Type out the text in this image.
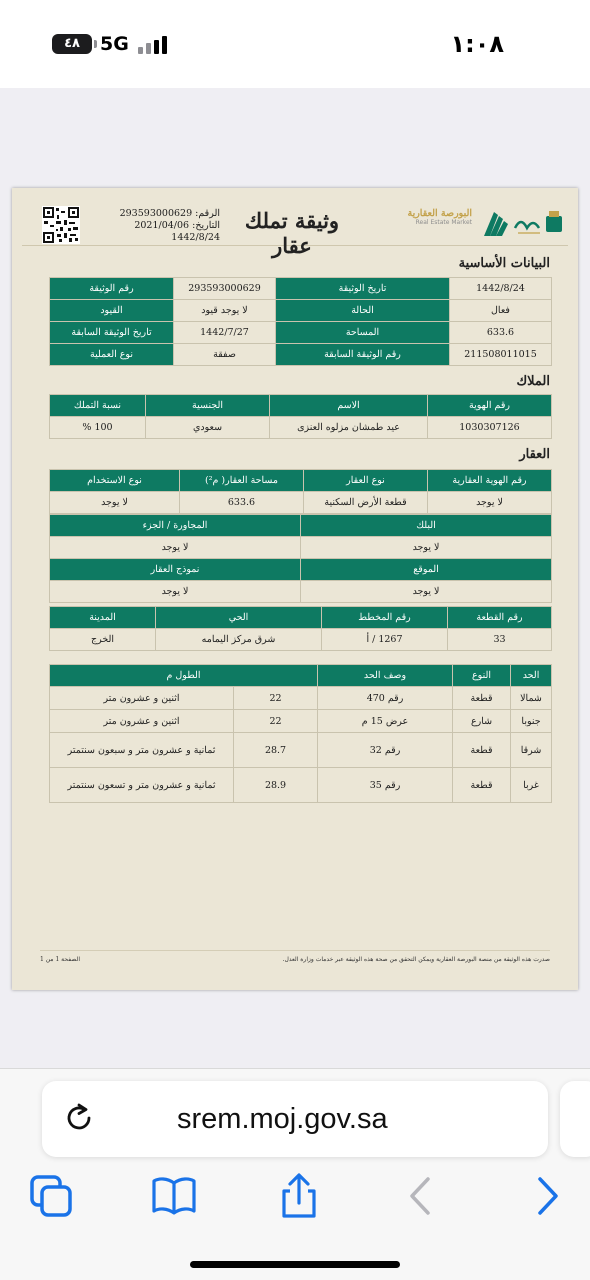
٤٨	5G	١:٠٨
الرقم: 293593000629
التاريخ: 2021/04/06
1442/8/24
وثيقة تملك عقار
البورصة العقارية
Real Estate Market
البيانات الأساسية
1442/8/24	تاريخ الوثيقة	293593000629	رقم الوثيقة
فعال	الحالة	لا يوجد قيود	القيود
633.6	المساحة	1442/7/27	تاريخ الوثيقة السابقة
211508011015	رقم الوثيقة السابقة	صفقة	نوع العملية
الملاك
رقم الهوية	الاسم	الجنسية	نسبة التملك
1030307126	عيد طمشان مزلوه العنزى	سعودي	100 %
العقار
رقم الهوية العقارية	نوع العقار	مساحة العقار( م²)	نوع الاستخدام
لا يوجد	قطعة الأرض السكنية	633.6	لا يوجد
البلك	المجاورة / الجزء
لا يوجد	لا يوجد
الموقع	نموذج العقار
لا يوجد	لا يوجد
رقم القطعة	رقم المخطط	الحي	المدينة
33	1267 / أ	شرق مركز اليمامه	الخرج
الحد	النوع	وصف الحد	الطول م	
شمالا	قطعة	رقم 470	22	اثنين و عشرون متر
جنوبا	شارع	عرض 15 م	22	اثنين و عشرون متر
شرقا	قطعة	رقم 32	28.7	ثمانية و عشرون متر و سبعون سنتمتر
غربا	قطعة	رقم 35	28.9	ثمانية و عشرون متر و تسعون سنتمتر
صدرت هذه الوثيقة من منصة البورصة العقارية ويمكن التحقق من صحة هذه الوثيقة عبر خدمات وزارة العدل.
الصفحة 1 من 1
srem.moj.gov.sa
